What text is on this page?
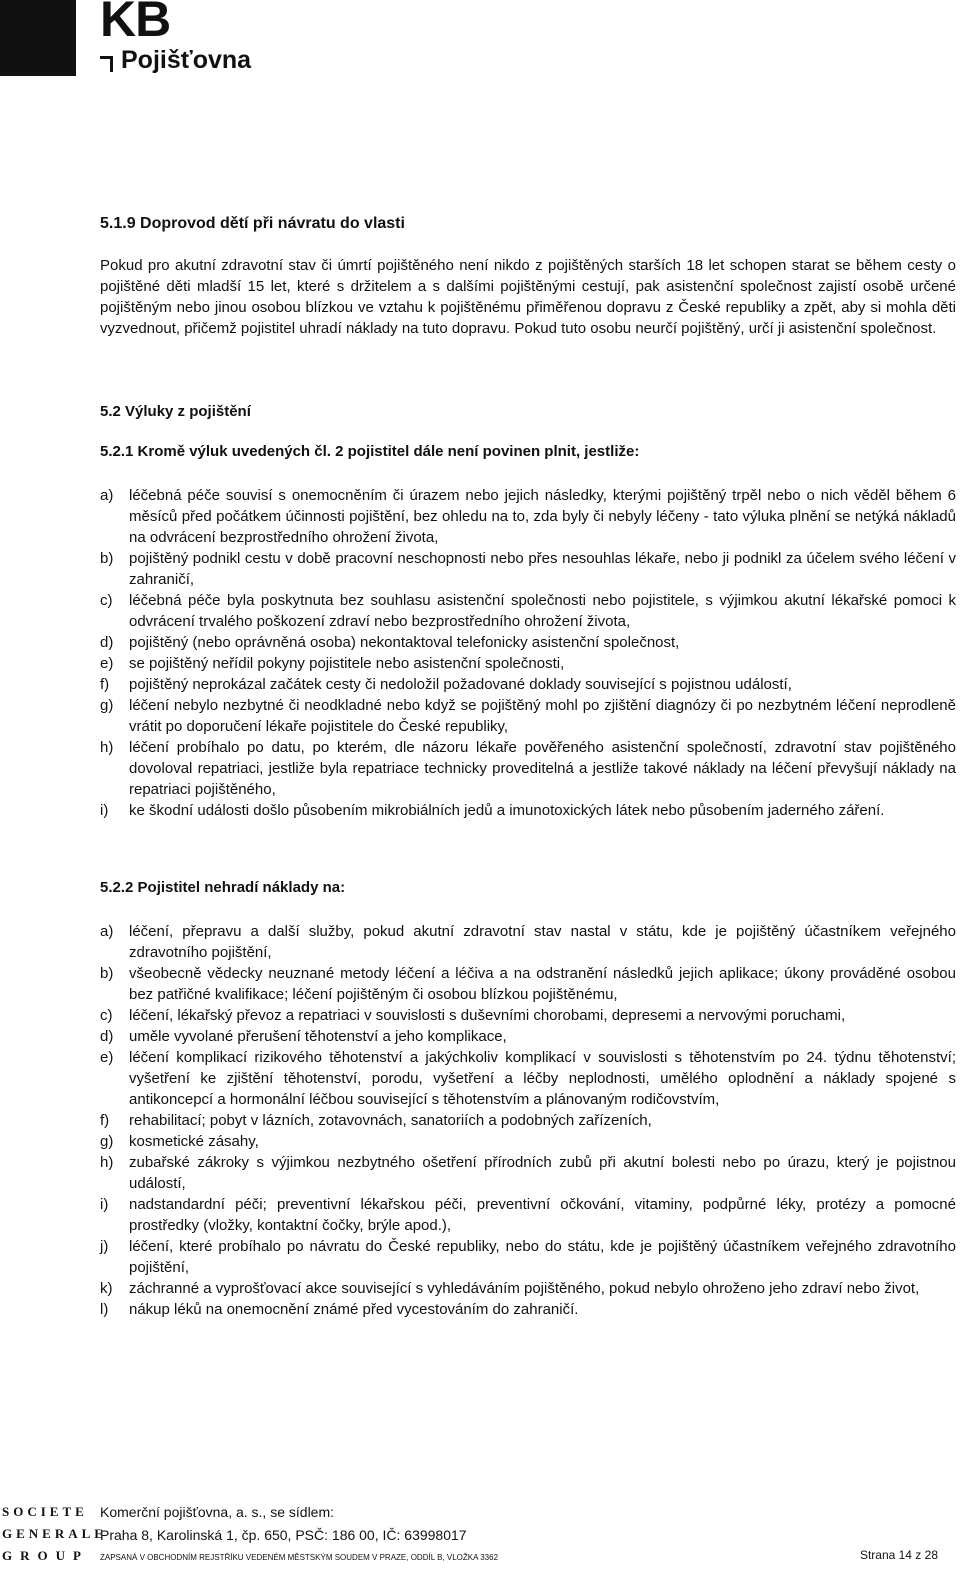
KB
Pojišťovna
5.1.9 Doprovod dětí při návratu do vlasti
Pokud pro akutní zdravotní stav či úmrtí pojištěného není nikdo z pojištěných starších 18 let schopen starat se během cesty o pojištěné děti mladší 15 let, které s držitelem a s dalšími pojištěnými cestují, pak asistenční společnost zajistí osobě určené pojištěným nebo jinou osobou blízkou ve vztahu k pojištěnému přiměřenou dopravu z České republiky a zpět, aby si mohla děti vyzvednout, přičemž pojistitel uhradí náklady na tuto dopravu. Pokud tuto osobu neurčí pojištěný, určí ji asistenční společnost.
5.2 Výluky z pojištění
5.2.1 Kromě výluk uvedených čl. 2 pojistitel dále není povinen plnit, jestliže:
a)	léčebná péče souvisí s onemocněním či úrazem nebo jejich následky, kterými pojištěný trpěl nebo o nich věděl během 6 měsíců před počátkem účinnosti pojištění, bez ohledu na to, zda byly či nebyly léčeny - tato výluka plnění se netýká nákladů na odvrácení bezprostředního ohrožení života,
b)	pojištěný podnikl cestu v době pracovní neschopnosti nebo přes nesouhlas lékaře, nebo ji podnikl za účelem svého léčení v zahraničí,
c)	léčebná péče byla poskytnuta bez souhlasu asistenční společnosti nebo pojistitele, s výjimkou akutní lékařské pomoci k odvrácení trvalého poškození zdraví nebo bezprostředního ohrožení života,
d)	pojištěný (nebo oprávněná osoba) nekontaktoval telefonicky asistenční společnost,
e)	se pojištěný neřídil pokyny pojistitele nebo asistenční společnosti,
f)	pojištěný neprokázal začátek cesty či nedoložil požadované doklady související s pojistnou událostí,
g)	léčení nebylo nezbytné či neodkladné nebo když se pojištěný mohl po zjištění diagnózy či po nezbytném léčení neprodleně vrátit po doporučení lékaře pojistitele do České republiky,
h)	léčení probíhalo po datu, po kterém, dle názoru lékaře pověřeného asistenční společností, zdravotní stav pojištěného dovoloval repatriaci, jestliže byla repatriace technicky proveditelná a jestliže takové náklady na léčení převyšují náklady na repatriaci pojištěného,
i)	ke škodní události došlo působením mikrobiálních jedů a imunotoxických látek nebo působením jaderného záření.
5.2.2 Pojistitel nehradí náklady na:
a)	léčení, přepravu a další služby, pokud akutní zdravotní stav nastal v státu, kde je pojištěný účastníkem veřejného zdravotního pojištění,
b)	všeobecně vědecky neuznané metody léčení a léčiva a na odstranění následků jejich aplikace; úkony prováděné osobou bez patřičné kvalifikace; léčení pojištěným či osobou blízkou pojištěnému,
c)	léčení, lékařský převoz a repatriaci v souvislosti s duševními chorobami, depresemi a nervovými poruchami,
d)	uměle vyvolané přerušení těhotenství a jeho komplikace,
e)	léčení komplikací rizikového těhotenství a jakýchkoliv komplikací v souvislosti s těhotenstvím po 24. týdnu těhotenství; vyšetření ke zjištění těhotenství, porodu, vyšetření a léčby neplodnosti, umělého oplodnění a náklady spojené s antikoncepcí a hormonální léčbou související s těhotenstvím a plánovaným rodičovstvím,
f)	rehabilitací; pobyt v lázních, zotavovnách, sanatoriích a podobných zařízeních,
g)	kosmetické zásahy,
h)	zubařské zákroky s výjimkou nezbytného ošetření přírodních zubů při akutní bolesti nebo po úrazu, který je pojistnou událostí,
i)	nadstandardní péči; preventivní lékařskou péči, preventivní očkování, vitaminy, podpůrné léky, protézy a pomocné prostředky (vložky, kontaktní čočky, brýle apod.),
j)	léčení, které probíhalo po návratu do České republiky, nebo do státu, kde je pojištěný účastníkem veřejného zdravotního pojištění,
k)	záchranné a vyprošťovací akce související s vyhledáváním pojištěného, pokud nebylo ohroženo jeho zdraví nebo život,
l)	nákup léků na onemocnění známé před vycestováním do zahraničí.
SOCIETE
GENERALE
GROUP
Komerční pojišťovna, a. s., se sídlem:
Praha 8, Karolinská 1, čp. 650, PSČ: 186 00, IČ: 63998017
ZAPSANÁ V OBCHODNÍM REJSTŘÍKU VEDENÉM MĚSTSKÝM SOUDEM V PRAZE, ODDÍL B, VLOŽKA 3362	Strana 14 z 28
